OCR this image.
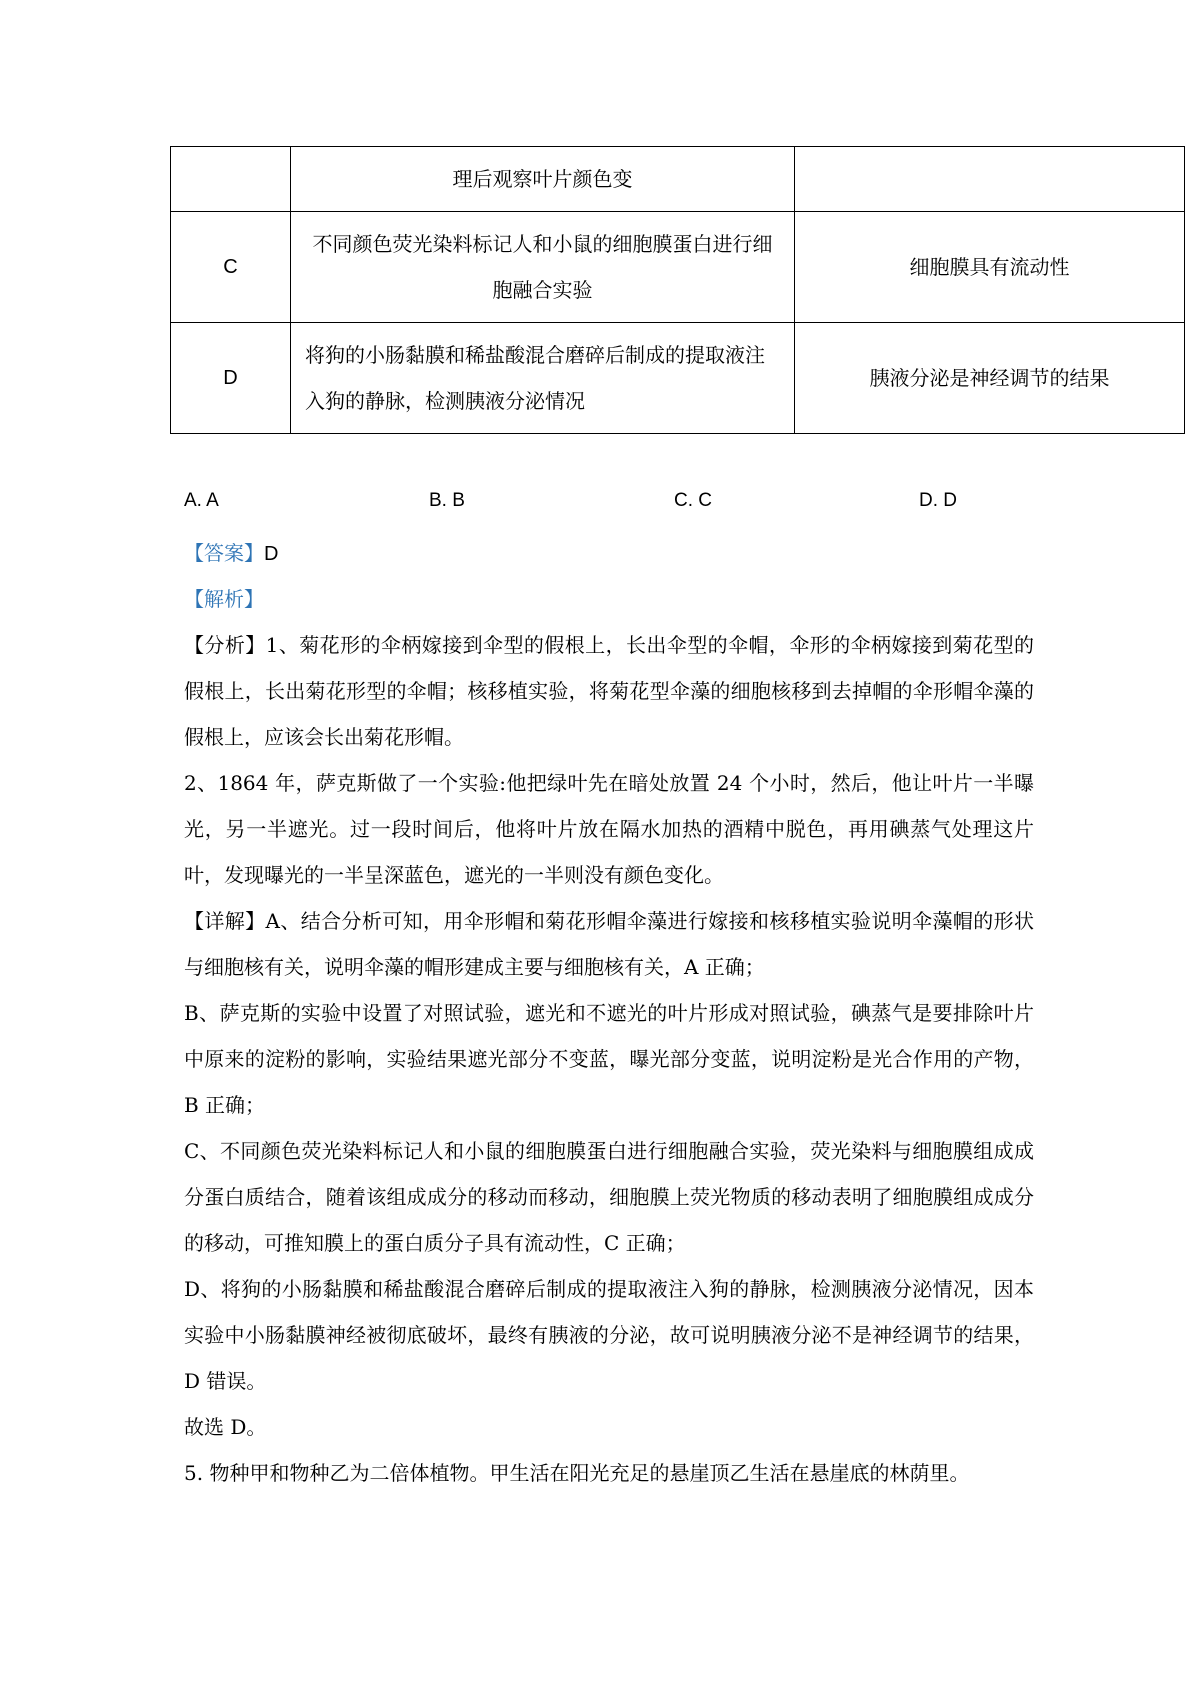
	理后观察叶片颜色变	
C	不同颜色荧光染料标记人和小鼠的细胞膜蛋白进行细胞融合实验	细胞膜具有流动性
D	将狗的小肠黏膜和稀盐酸混合磨碎后制成的提取液注入狗的静脉，检测胰液分泌情况	胰液分泌是神经调节的结果
A. A	B. B	C. C	D. D
【答案】D
【解析】
【分析】1、菊花形的伞柄嫁接到伞型的假根上，长出伞型的伞帽，伞形的伞柄嫁接到菊花型的假根上，长出菊花形型的伞帽；核移植实验，将菊花型伞藻的细胞核移到去掉帽的伞形帽伞藻的假根上，应该会长出菊花形帽。
2、1864 年，萨克斯做了一个实验:他把绿叶先在暗处放置 24 个小时，然后，他让叶片一半曝光，另一半遮光。过一段时间后，他将叶片放在隔水加热的酒精中脱色，再用碘蒸气处理这片叶，发现曝光的一半呈深蓝色，遮光的一半则没有颜色变化。
【详解】A、结合分析可知，用伞形帽和菊花形帽伞藻进行嫁接和核移植实验说明伞藻帽的形状与细胞核有关，说明伞藻的帽形建成主要与细胞核有关，A 正确；
B、萨克斯的实验中设置了对照试验，遮光和不遮光的叶片形成对照试验，碘蒸气是要排除叶片中原来的淀粉的影响，实验结果遮光部分不变蓝，曝光部分变蓝，说明淀粉是光合作用的产物，B 正确；
C、不同颜色荧光染料标记人和小鼠的细胞膜蛋白进行细胞融合实验，荧光染料与细胞膜组成成分蛋白质结合，随着该组成成分的移动而移动，细胞膜上荧光物质的移动表明了细胞膜组成成分的移动，可推知膜上的蛋白质分子具有流动性，C 正确；
D、将狗的小肠黏膜和稀盐酸混合磨碎后制成的提取液注入狗的静脉，检测胰液分泌情况，因本实验中小肠黏膜神经被彻底破坏，最终有胰液的分泌，故可说明胰液分泌不是神经调节的结果，D 错误。
故选 D。
5. 物种甲和物种乙为二倍体植物。甲生活在阳光充足的悬崖顶乙生活在悬崖底的林荫里。
